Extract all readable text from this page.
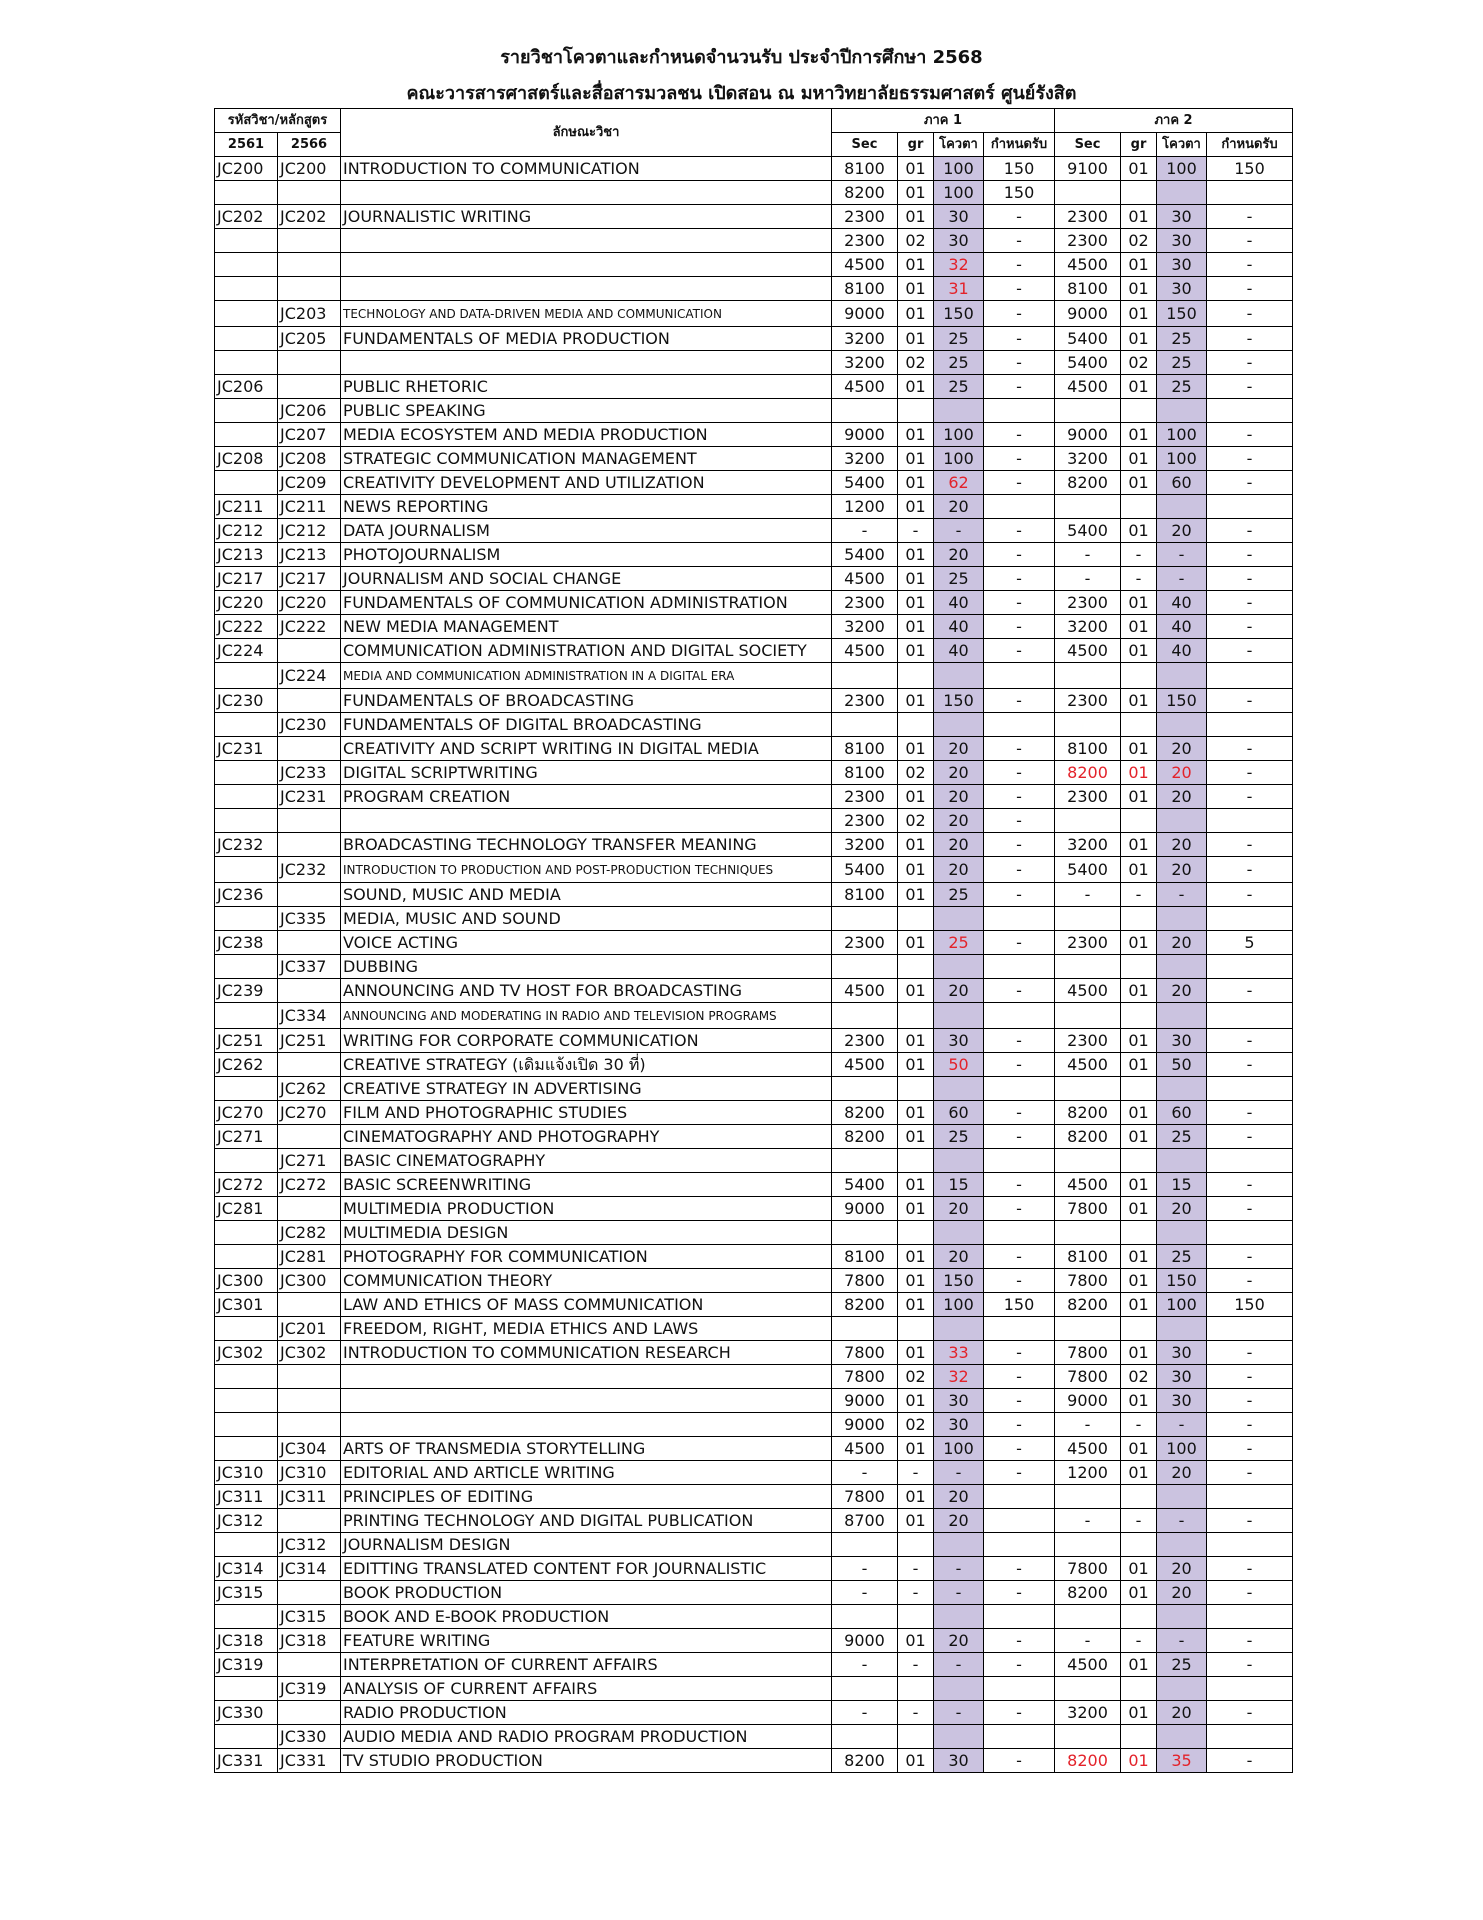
รายวิชาโควตาและกำหนดจำนวนรับ ประจำปีการศึกษา 2568
คณะวารสารศาสตร์และสื่อสารมวลชน เปิดสอน ณ มหาวิทยาลัยธรรมศาสตร์ ศูนย์รังสิต
รหัสวิชา/หลักสูตร		ลักษณะวิชา	ภาค 1				ภาค 2			
2561	2566		Sec	gr	โควตา	กำหนดรับ	Sec	gr	โควตา	กำหนดรับ
JC200	JC200	INTRODUCTION TO COMMUNICATION	8100	01	100	150	9100	01	100	150
			8200	01	100	150				
JC202	JC202	JOURNALISTIC WRITING	2300	01	30	-	2300	01	30	-
			2300	02	30	-	2300	02	30	-
			4500	01	32	-	4500	01	30	-
			8100	01	31	-	8100	01	30	-
	JC203	TECHNOLOGY AND DATA-DRIVEN MEDIA AND COMMUNICATION	9000	01	150	-	9000	01	150	-
	JC205	FUNDAMENTALS OF MEDIA PRODUCTION	3200	01	25	-	5400	01	25	-
			3200	02	25	-	5400	02	25	-
JC206		PUBLIC RHETORIC	4500	01	25	-	4500	01	25	-
	JC206	PUBLIC SPEAKING								
	JC207	MEDIA ECOSYSTEM AND MEDIA PRODUCTION	9000	01	100	-	9000	01	100	-
JC208	JC208	STRATEGIC COMMUNICATION MANAGEMENT	3200	01	100	-	3200	01	100	-
	JC209	CREATIVITY DEVELOPMENT AND UTILIZATION	5400	01	62	-	8200	01	60	-
JC211	JC211	NEWS REPORTING	1200	01	20					
JC212	JC212	DATA JOURNALISM	-	-	-	-	5400	01	20	-
JC213	JC213	PHOTOJOURNALISM	5400	01	20	-	-	-	-	-
JC217	JC217	JOURNALISM AND SOCIAL CHANGE	4500	01	25	-	-	-	-	-
JC220	JC220	FUNDAMENTALS OF COMMUNICATION ADMINISTRATION	2300	01	40	-	2300	01	40	-
JC222	JC222	NEW MEDIA MANAGEMENT	3200	01	40	-	3200	01	40	-
JC224		COMMUNICATION ADMINISTRATION AND DIGITAL SOCIETY	4500	01	40	-	4500	01	40	-
	JC224	MEDIA AND COMMUNICATION ADMINISTRATION IN A DIGITAL ERA								
JC230		FUNDAMENTALS OF BROADCASTING	2300	01	150	-	2300	01	150	-
	JC230	FUNDAMENTALS OF DIGITAL BROADCASTING								
JC231		CREATIVITY AND SCRIPT WRITING IN DIGITAL MEDIA	8100	01	20	-	8100	01	20	-
	JC233	DIGITAL SCRIPTWRITING	8100	02	20	-	8200	01	20	-
	JC231	PROGRAM CREATION	2300	01	20	-	2300	01	20	-
			2300	02	20	-				
JC232		BROADCASTING TECHNOLOGY TRANSFER MEANING	3200	01	20	-	3200	01	20	-
	JC232	INTRODUCTION TO PRODUCTION AND POST-PRODUCTION TECHNIQUES	5400	01	20	-	5400	01	20	-
JC236		SOUND, MUSIC AND MEDIA	8100	01	25	-	-	-	-	-
	JC335	MEDIA, MUSIC AND SOUND								
JC238		VOICE ACTING	2300	01	25	-	2300	01	20	5
	JC337	DUBBING								
JC239		ANNOUNCING AND TV HOST FOR BROADCASTING	4500	01	20	-	4500	01	20	-
	JC334	ANNOUNCING AND MODERATING IN RADIO AND TELEVISION PROGRAMS								
JC251	JC251	WRITING FOR CORPORATE COMMUNICATION	2300	01	30	-	2300	01	30	-
JC262		CREATIVE STRATEGY (เดิมแจ้งเปิด 30 ที่)	4500	01	50	-	4500	01	50	-
	JC262	CREATIVE STRATEGY IN ADVERTISING								
JC270	JC270	FILM AND PHOTOGRAPHIC STUDIES	8200	01	60	-	8200	01	60	-
JC271		CINEMATOGRAPHY AND PHOTOGRAPHY	8200	01	25	-	8200	01	25	-
	JC271	BASIC CINEMATOGRAPHY								
JC272	JC272	BASIC SCREENWRITING	5400	01	15	-	4500	01	15	-
JC281		MULTIMEDIA PRODUCTION	9000	01	20	-	7800	01	20	-
	JC282	MULTIMEDIA DESIGN								
	JC281	PHOTOGRAPHY FOR COMMUNICATION	8100	01	20	-	8100	01	25	-
JC300	JC300	COMMUNICATION THEORY	7800	01	150	-	7800	01	150	-
JC301		LAW AND ETHICS OF MASS COMMUNICATION	8200	01	100	150	8200	01	100	150
	JC201	FREEDOM, RIGHT, MEDIA ETHICS AND LAWS								
JC302	JC302	INTRODUCTION TO COMMUNICATION RESEARCH	7800	01	33	-	7800	01	30	-
			7800	02	32	-	7800	02	30	-
			9000	01	30	-	9000	01	30	-
			9000	02	30	-	-	-	-	-
	JC304	ARTS OF TRANSMEDIA STORYTELLING	4500	01	100	-	4500	01	100	-
JC310	JC310	EDITORIAL AND ARTICLE WRITING	-	-	-	-	1200	01	20	-
JC311	JC311	PRINCIPLES OF EDITING	7800	01	20					
JC312		PRINTING TECHNOLOGY AND DIGITAL PUBLICATION	8700	01	20		-	-	-	-
	JC312	JOURNALISM DESIGN								
JC314	JC314	EDITTING TRANSLATED CONTENT FOR JOURNALISTIC	-	-	-	-	7800	01	20	-
JC315		BOOK PRODUCTION	-	-	-	-	8200	01	20	-
	JC315	BOOK AND E-BOOK PRODUCTION								
JC318	JC318	FEATURE WRITING	9000	01	20	-	-	-	-	-
JC319		INTERPRETATION OF CURRENT AFFAIRS	-	-	-	-	4500	01	25	-
	JC319	ANALYSIS OF CURRENT AFFAIRS								
JC330		RADIO PRODUCTION	-	-	-	-	3200	01	20	-
	JC330	AUDIO MEDIA AND RADIO PROGRAM PRODUCTION								
JC331	JC331	TV STUDIO PRODUCTION	8200	01	30	-	8200	01	35	-
